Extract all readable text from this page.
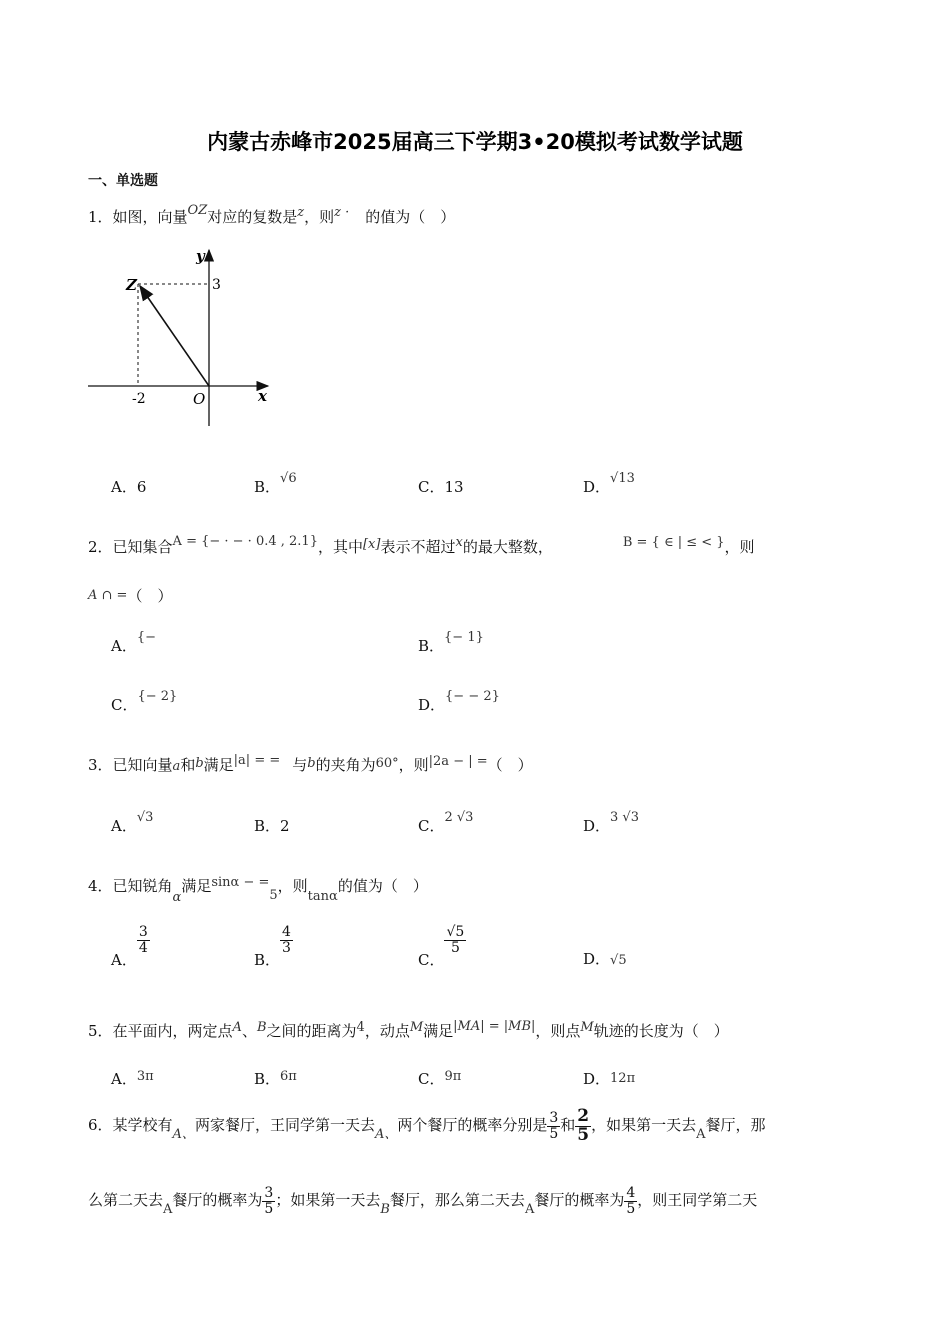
内蒙古赤峰市2025届高三下学期3•20模拟考试数学试题
一、单选题
1．如图，向量OZ对应的复数是z，则z · 的值为（　）
y
Z	3
-2	O	x
A．6	B．√6	C．13	D．√13
2．已知集合A = {− · − · 0.4 , 2.1}，其中[x]表示不超过x的最大整数，	B = { ∈ | ≤ < }，则
A ∩ =（　）
A．{−	B．{− 1}
C．{− 2}	D．{− − 2}
3．已知向量a和b满足|a| = = 与b的夹角为60°，则|2a − | =（　）
A．√3	B．2	C．2 √3	D．3 √3
4．已知锐角α满足sinα − =5，则tanα的值为（　）
A．
$\frac{3}{4}$
B．
$\frac{4}{3}$
C．
$\frac{√5}{5}$
D．√5
5．在平面内，两定点A、B之间的距离为4，动点M满足|MA| = |MB|，则点M轨迹的长度为（　）
A．3π	B．6π	C．9π	D．12π
6．某学校有A、两家餐厅，王同学第一天去A、两个餐厅的概率分别是 $\frac{3}{5}$ 和 $\frac{2}{5}$ ，如果第一天去A餐厅，那
么第二天去A餐厅的概率为 $\frac{3}{5}$ ；如果第一天去B餐厅，那么第二天去A餐厅的概率为 $\frac{4}{5}$ ，则王同学第二天
